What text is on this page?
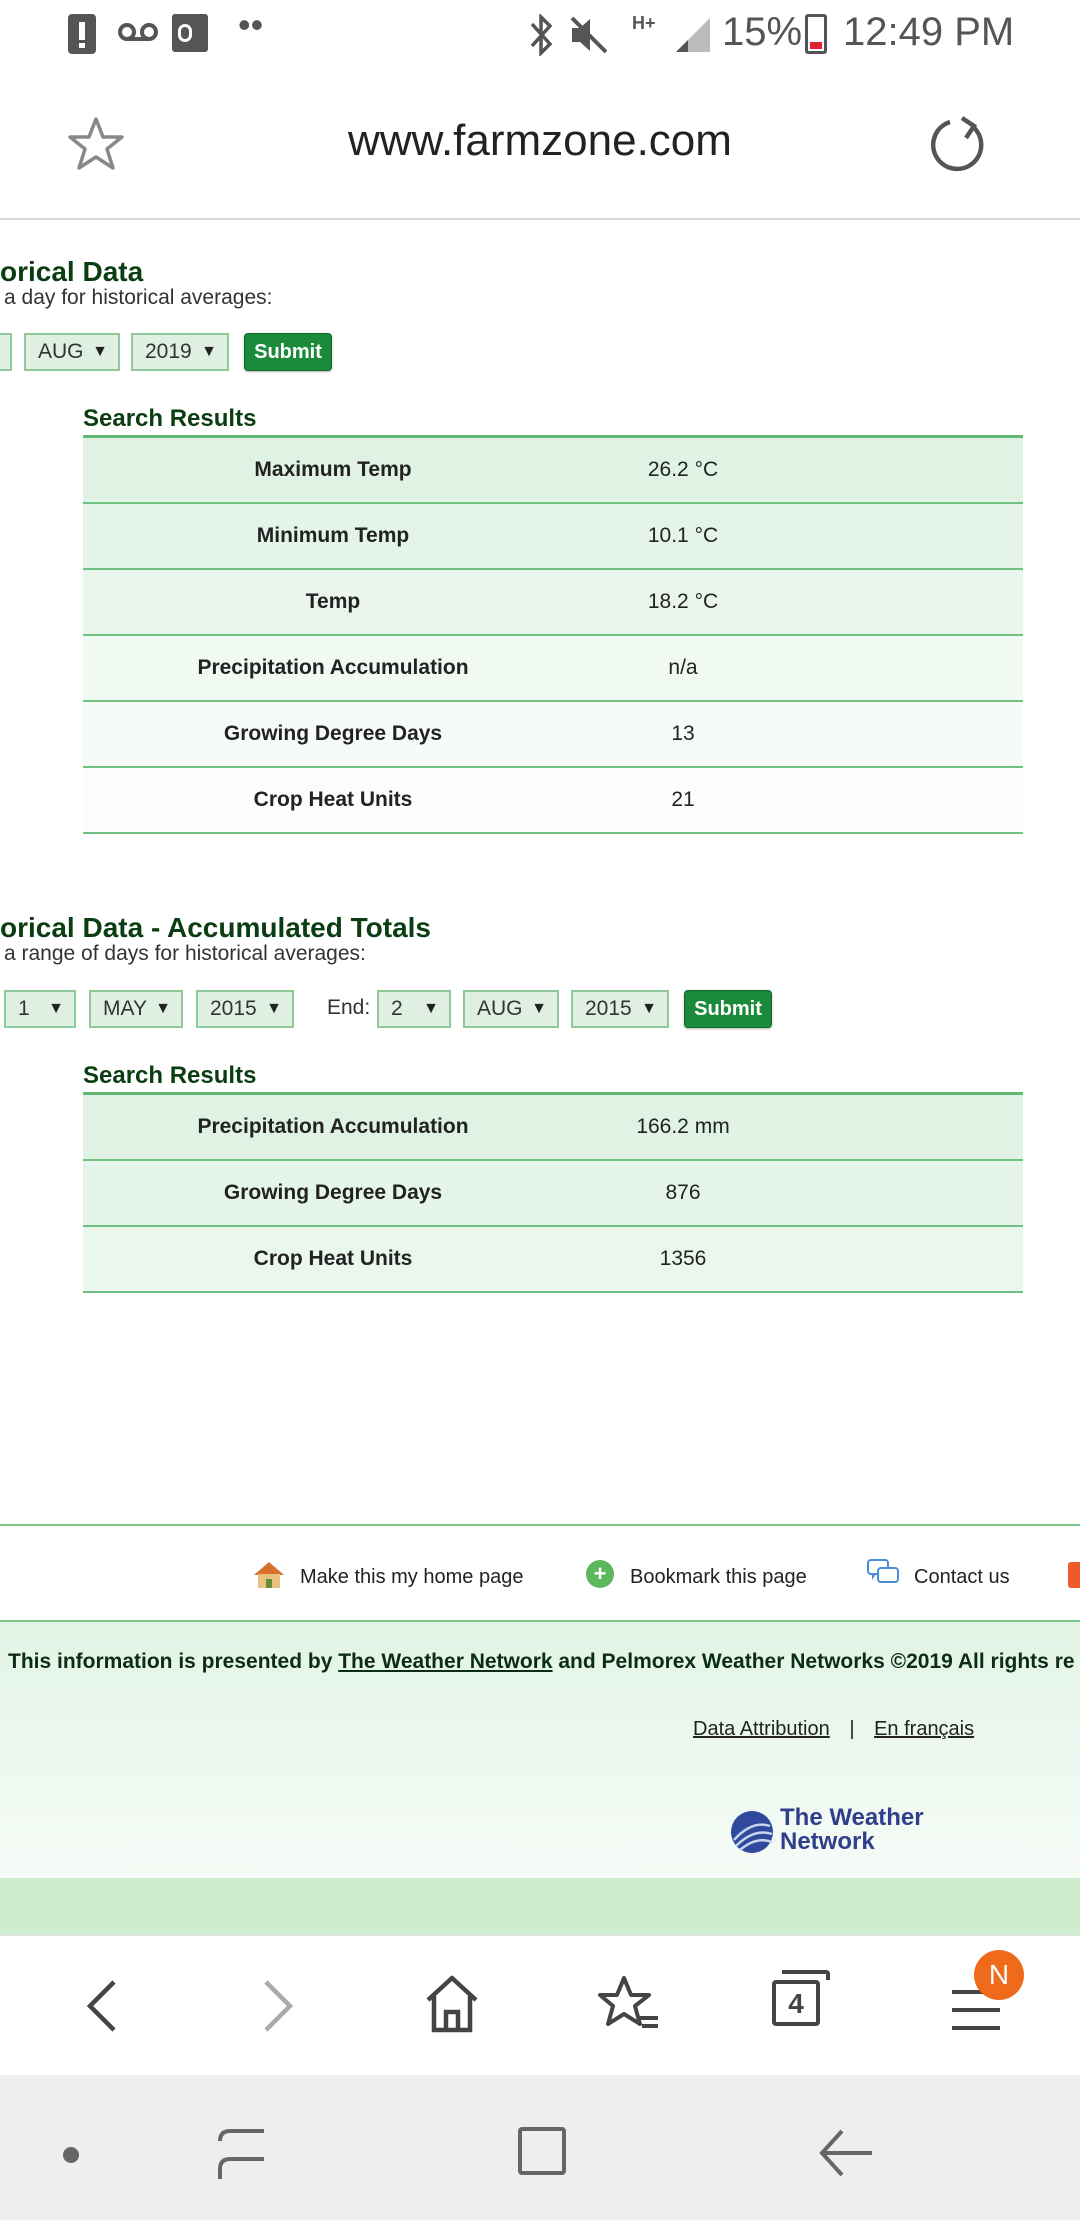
••	H+ 15% 12:49 PM
www.farmzone.com
orical Data
a day for historical averages:
AUG ▼	2019 ▼	Submit
Search Results
Maximum Temp	26.2 °C
Minimum Temp	10.1 °C
Temp	18.2 °C
Precipitation Accumulation	n/a
Growing Degree Days	13
Crop Heat Units	21
orical Data - Accumulated Totals
a range of days for historical averages:
1 ▼	MAY ▼	2015 ▼ End: 2 ▼	AUG ▼	2015 ▼	Submit
Search Results
Precipitation Accumulation	166.2 mm
Growing Degree Days	876
Crop Heat Units	1356
Make this my home page	+	Bookmark this page	Contact us
This information is presented by The Weather Network and Pelmorex Weather Networks ©2019 All rights re
Data Attribution | En français
The Weather
Network
4
N
